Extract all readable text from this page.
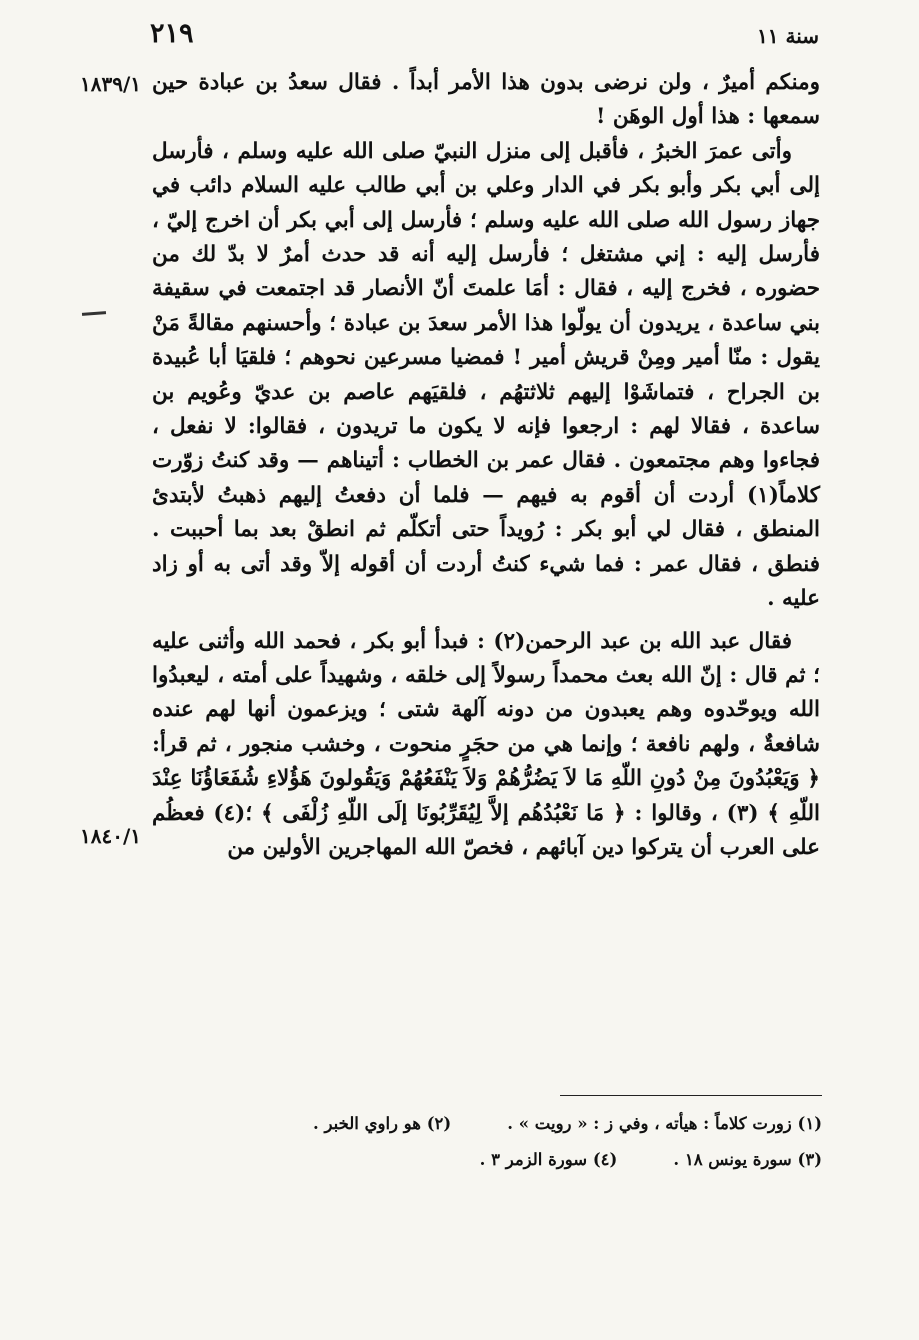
سنة ١١
٢١٩
١٨٣٩/١
١٨٤٠/١

ومنكم أميرٌ ، ولن نرضى بدون هذا الأمر أبداً . فقال سعدُ بن عبادة حين سمعها : هذا أول الوهَن !

وأتى عمرَ الخبرُ ، فأقبل إلى منزل النبيّ صلى الله عليه وسلم ، فأرسل إلى أبي بكر وأبو بكر في الدار وعلي بن أبي طالب عليه السلام دائب في جهاز رسول الله صلى الله عليه وسلم ؛ فأرسل إلى أبي بكر أن اخرج إليّ ، فأرسل إليه : إني مشتغل ؛ فأرسل إليه أنه قد حدث أمرٌ لا بدّ لك من حضوره ، فخرج إليه ، فقال : أمَا علمتَ أنّ الأنصار قد اجتمعت في سقيفة بني ساعدة ، يريدون أن يولّوا هذا الأمر سعدَ بن عبادة ؛ وأحسنهم مقالةً مَنْ يقول : منّا أمير ومِنْ قريش أمير ! فمضيا مسرعين نحوهم ؛ فلقيَا أبا عُبيدة بن الجراح ، فتماشَوْا إليهم ثلاثتهُم ، فلقيَهم عاصم بن عديّ وعُويم بن ساعدة ، فقالا لهم : ارجعوا فإنه لا يكون ما تريدون ، فقالوا: لا نفعل ، فجاءوا وهم مجتمعون . فقال عمر بن الخطاب : أتيناهم — وقد كنتُ زوّرت كلاماً(١) أردت أن أقوم به فيهم — فلما أن دفعتُ إليهم ذهبتُ لأبتدئ المنطق ، فقال لي أبو بكر : رُويداً حتى أتكلّم ثم انطقْ بعد بما أحببت . فنطق ، فقال عمر : فما شيء كنتُ أردت أن أقوله إلاّ وقد أتى به أو زاد عليه .

فقال عبد الله بن عبد الرحمن(٢) : فبدأ أبو بكر ، فحمد الله وأثنى عليه ؛ ثم قال : إنّ الله بعث محمداً رسولاً إلى خلقه ، وشهيداً على أمته ، ليعبدُوا الله ويوحّدوه وهم يعبدون من دونه آلهة شتى ؛ ويزعمون أنها لهم عنده شافعةٌ ، ولهم نافعة ؛ وإنما هي من حجَرٍ منحوت ، وخشب منجور ، ثم قرأ: ﴿ وَيَعْبُدُونَ مِنْ دُونِ اللّهِ مَا لاَ يَضُرُّهُمْ وَلاَ يَنْفَعُهُمْ وَيَقُولونَ هَؤُلاءِ شُفَعَاؤُنَا عِنْدَ اللّهِ ﴾ (٣) ، وقالوا : ﴿ مَا نَعْبُدُهُم إلاَّ لِيُقَرِّبُونَا إلَى اللّهِ زُلْفَى ﴾ ؛(٤) فعظُم على العرب أن يتركوا دين آبائهم ، فخصّ الله المهاجرين الأولين من

(١) زورت كلاماً : هيأته ، وفي ز : « رويت » .
(٢) هو راوي الخبر .
(٣) سورة يونس ١٨ .
(٤) سورة الزمر ٣ .
